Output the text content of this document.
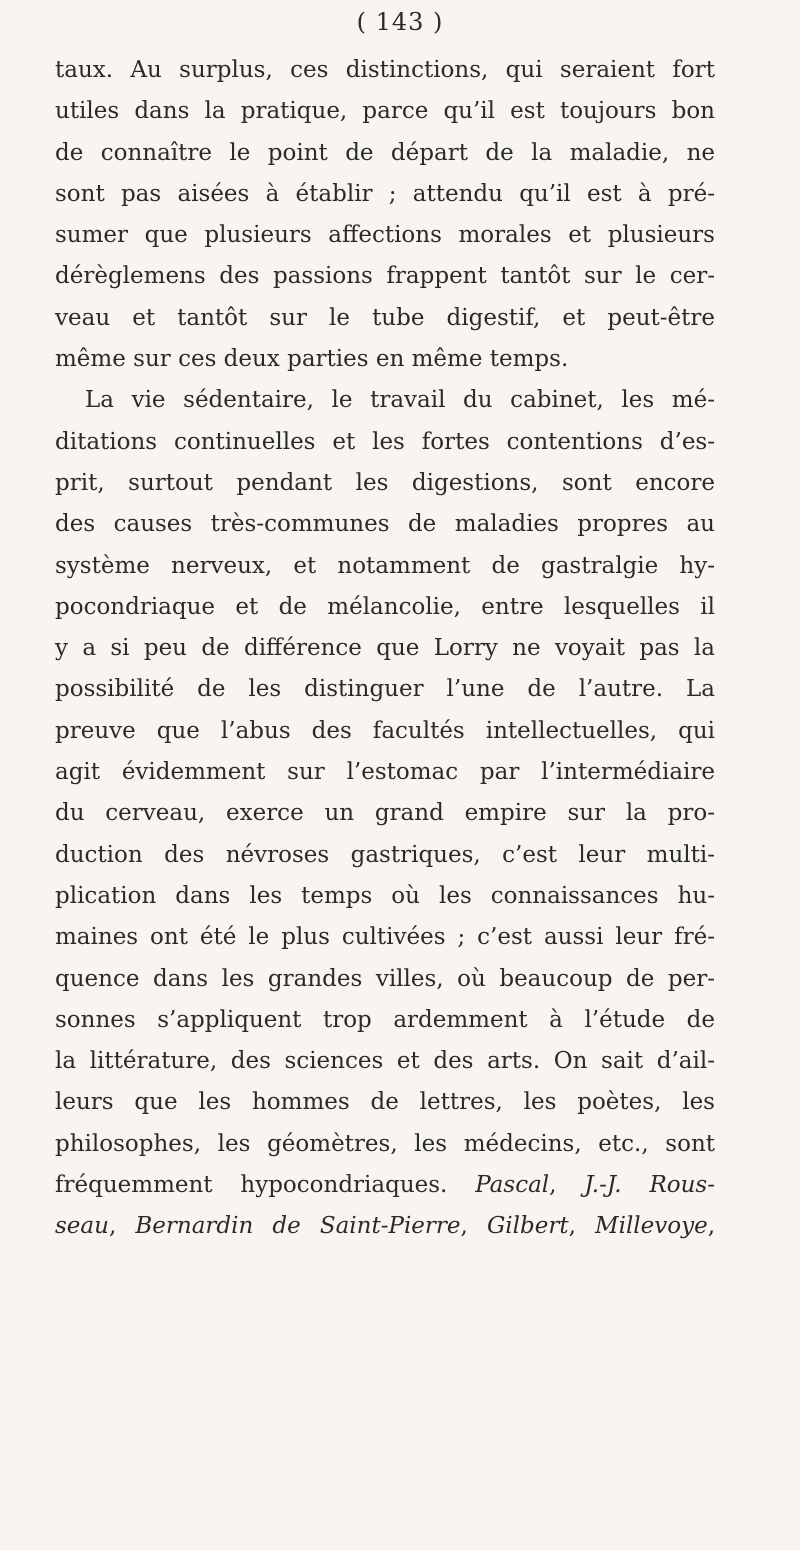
( 143 )
taux. Au surplus, ces distinctions, qui seraient fort
utiles dans la pratique, parce qu’il est toujours bon
de connaître le point de départ de la maladie, ne
sont pas aisées à établir ; attendu qu’il est à pré-
sumer que plusieurs affections morales et plusieurs
dérèglemens des passions frappent tantôt sur le cer-
veau et tantôt sur le tube digestif, et peut-être
même sur ces deux parties en même temps.
La vie sédentaire, le travail du cabinet, les mé-
ditations continuelles et les fortes contentions d’es-
prit, surtout pendant les digestions, sont encore
des causes très-communes de maladies propres au
système nerveux, et notamment de gastralgie hy-
pocondriaque et de mélancolie, entre lesquelles il
y a si peu de différence que Lorry ne voyait pas la
possibilité de les distinguer l’une de l’autre. La
preuve que l’abus des facultés intellectuelles, qui
agit évidemment sur l’estomac par l’intermédiaire
du cerveau, exerce un grand empire sur la pro-
duction des névroses gastriques, c’est leur multi-
plication dans les temps où les connaissances hu-
maines ont été le plus cultivées ; c’est aussi leur fré-
quence dans les grandes villes, où beaucoup de per-
sonnes s’appliquent trop ardemment à l’étude de
la littérature, des sciences et des arts. On sait d’ail-
leurs que les hommes de lettres, les poètes, les
philosophes, les géomètres, les médecins, etc., sont
fréquemment hypocondriaques. Pascal, J.-J. Rous-
seau, Bernardin de Saint-Pierre, Gilbert, Millevoye,
